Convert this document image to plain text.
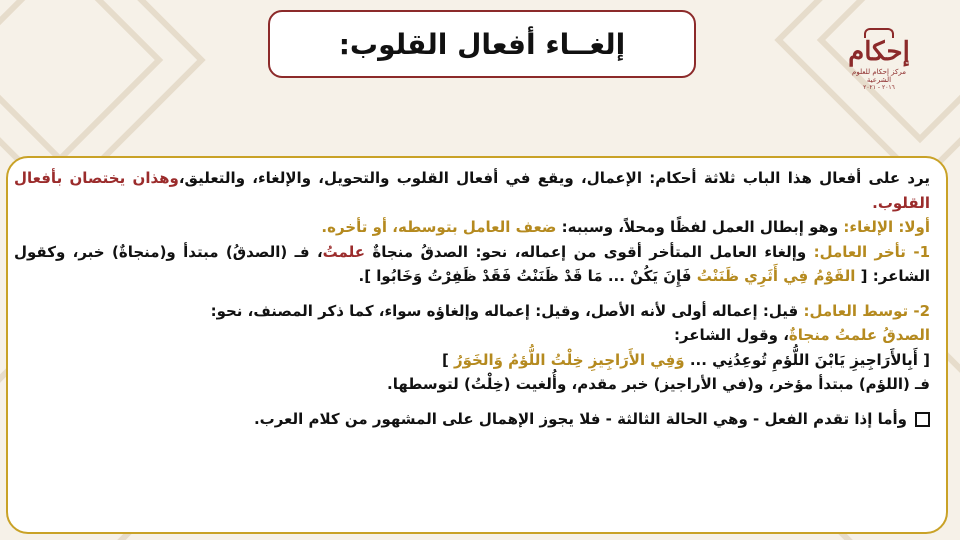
إلغــاء أفعال القلوب:	إحكام
مركز إحكام للعلوم الشرعية
٢٠١٦ - ٢٠٢١

يرد على أفعال هذا الباب ثلاثة أحكام: الإعمال، ويقع في أفعال القلوب والتحويل، والإلغاء، والتعليق،وهذان يختصان بأفعال القلوب.

أولا: الإلغاء: وهو إبطال العمل لفظًا ومحلاً، وسببه: ضعف العامل بتوسطه، أو تأخره.

1- تأخر العامل: وإلغاء العامل المتأخر أقوى من إعماله، نحو: الصدقُ منجاةٌ علمتُ، فـ (الصدقُ) مبتدأ و(منجاةٌ) خبر، وكقول الشاعر: [ القَوْمُ فِي أَثَرِي ظَنَنْتُ فَإِنَ يَكُنْ ... مَا قَدْ ظَنَنْتُ فَقَدْ ظَفِرْتُ وَخَابُوا ].

2- توسط العامل: قيل: إعماله أولى لأنه الأصل، وقيل: إعماله وإلغاؤه سواء، كما ذكر المصنف، نحو:
الصدقُ علمتُ منجاةٌ، وقول الشاعر:
[ أَبِالأَرَاجِيزِ يَابْنَ اللُّؤمِ تُوعِدُنِي ... وَفِي الأَرَاجِيزِ خِلْتُ اللُّؤمُ وَالخَوَرُ ]
فـ (اللؤم) مبتدأ مؤخر، و(في الأراجيز) خبر مقدم، وأُلغيت (خِلْتُ) لتوسطها.

وأما إذا تقدم الفعل - وهي الحالة الثالثة - فلا يجوز الإهمال على المشهور من كلام العرب.
